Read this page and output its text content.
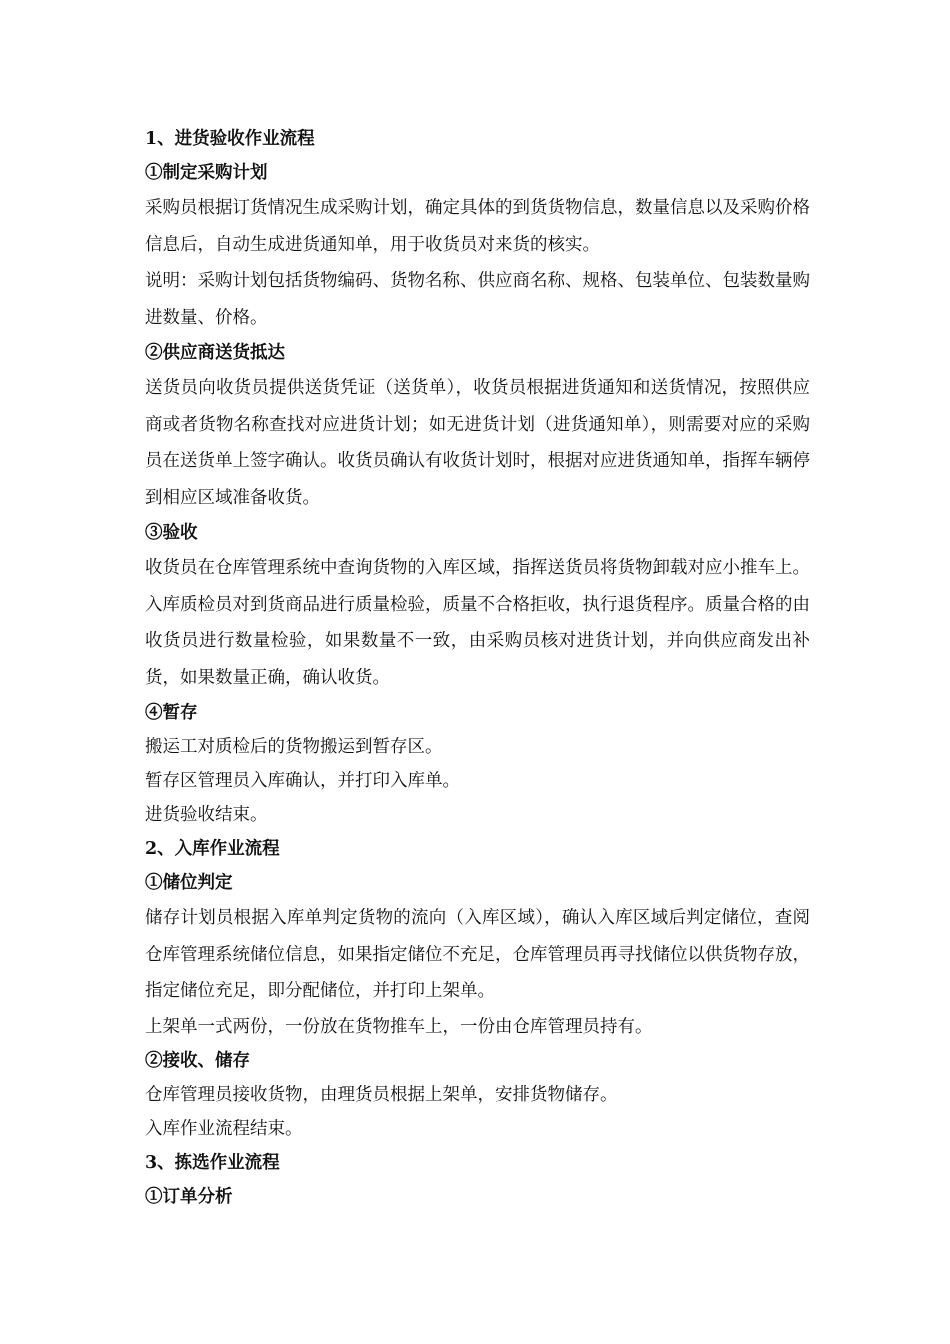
1、进货验收作业流程
①制定采购计划
采购员根据订货情况生成采购计划，确定具体的到货货物信息，数量信息以及采购价格信息后，自动生成进货通知单，用于收货员对来货的核实。
说明：采购计划包括货物编码、货物名称、供应商名称、规格、包装单位、包装数量购进数量、价格。
②供应商送货抵达
送货员向收货员提供送货凭证（送货单），收货员根据进货通知和送货情况，按照供应商或者货物名称查找对应进货计划；如无进货计划（进货通知单），则需要对应的采购员在送货单上签字确认。收货员确认有收货计划时，根据对应进货通知单，指挥车辆停到相应区域准备收货。
③验收
收货员在仓库管理系统中查询货物的入库区域，指挥送货员将货物卸载对应小推车上。入库质检员对到货商品进行质量检验，质量不合格拒收，执行退货程序。质量合格的由收货员进行数量检验，如果数量不一致，由采购员核对进货计划，并向供应商发出补货，如果数量正确，确认收货。
④暂存
搬运工对质检后的货物搬运到暂存区。
暂存区管理员入库确认，并打印入库单。
进货验收结束。
2、入库作业流程
①储位判定
储存计划员根据入库单判定货物的流向（入库区域），确认入库区域后判定储位，查阅仓库管理系统储位信息，如果指定储位不充足，仓库管理员再寻找储位以供货物存放，指定储位充足，即分配储位，并打印上架单。
上架单一式两份，一份放在货物推车上，一份由仓库管理员持有。
②接收、储存
仓库管理员接收货物，由理货员根据上架单，安排货物储存。
入库作业流程结束。
3、拣选作业流程
①订单分析
